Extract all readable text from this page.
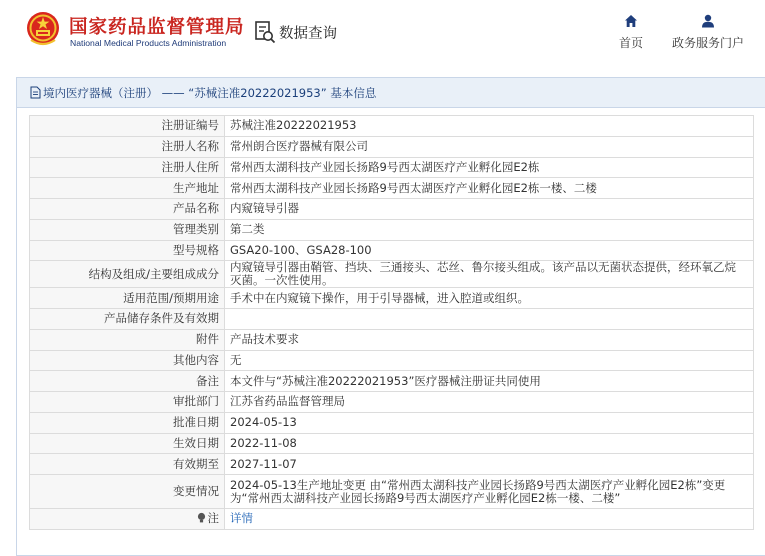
国家药品监督管理局
National Medical Products Administration
数据查询
首页 政务服务门户
境内医疗器械（注册） —— “苏械注准20222021953” 基本信息
注册证编号	苏械注准20222021953
注册人名称	常州朗合医疗器械有限公司
注册人住所	常州西太湖科技产业园长扬路9号西太湖医疗产业孵化园E2栋
生产地址	常州西太湖科技产业园长扬路9号西太湖医疗产业孵化园E2栋一楼、二楼
产品名称	内窥镜导引器
管理类别	第二类
型号规格	GSA20-100、GSA28-100
结构及组成/主要组成成分	内窥镜导引器由鞘管、挡块、三通接头、芯丝、鲁尔接头组成。该产品以无菌状态提供，经环氧乙烷灭菌。一次性使用。
适用范围/预期用途	手术中在内窥镜下操作，用于引导器械，进入腔道或组织。
产品储存条件及有效期	
附件	产品技术要求
其他内容	无
备注	本文件与“苏械注准20222021953”医疗器械注册证共同使用
审批部门	江苏省药品监督管理局
批准日期	2024-05-13
生效日期	2022-11-08
有效期至	2027-11-07
变更情况	2024-05-13生产地址变更 由“常州西太湖科技产业园长扬路9号西太湖医疗产业孵化园E2栋”变更为“常州西太湖科技产业园长扬路9号西太湖医疗产业孵化园E2栋一楼、二楼”
注	详情
